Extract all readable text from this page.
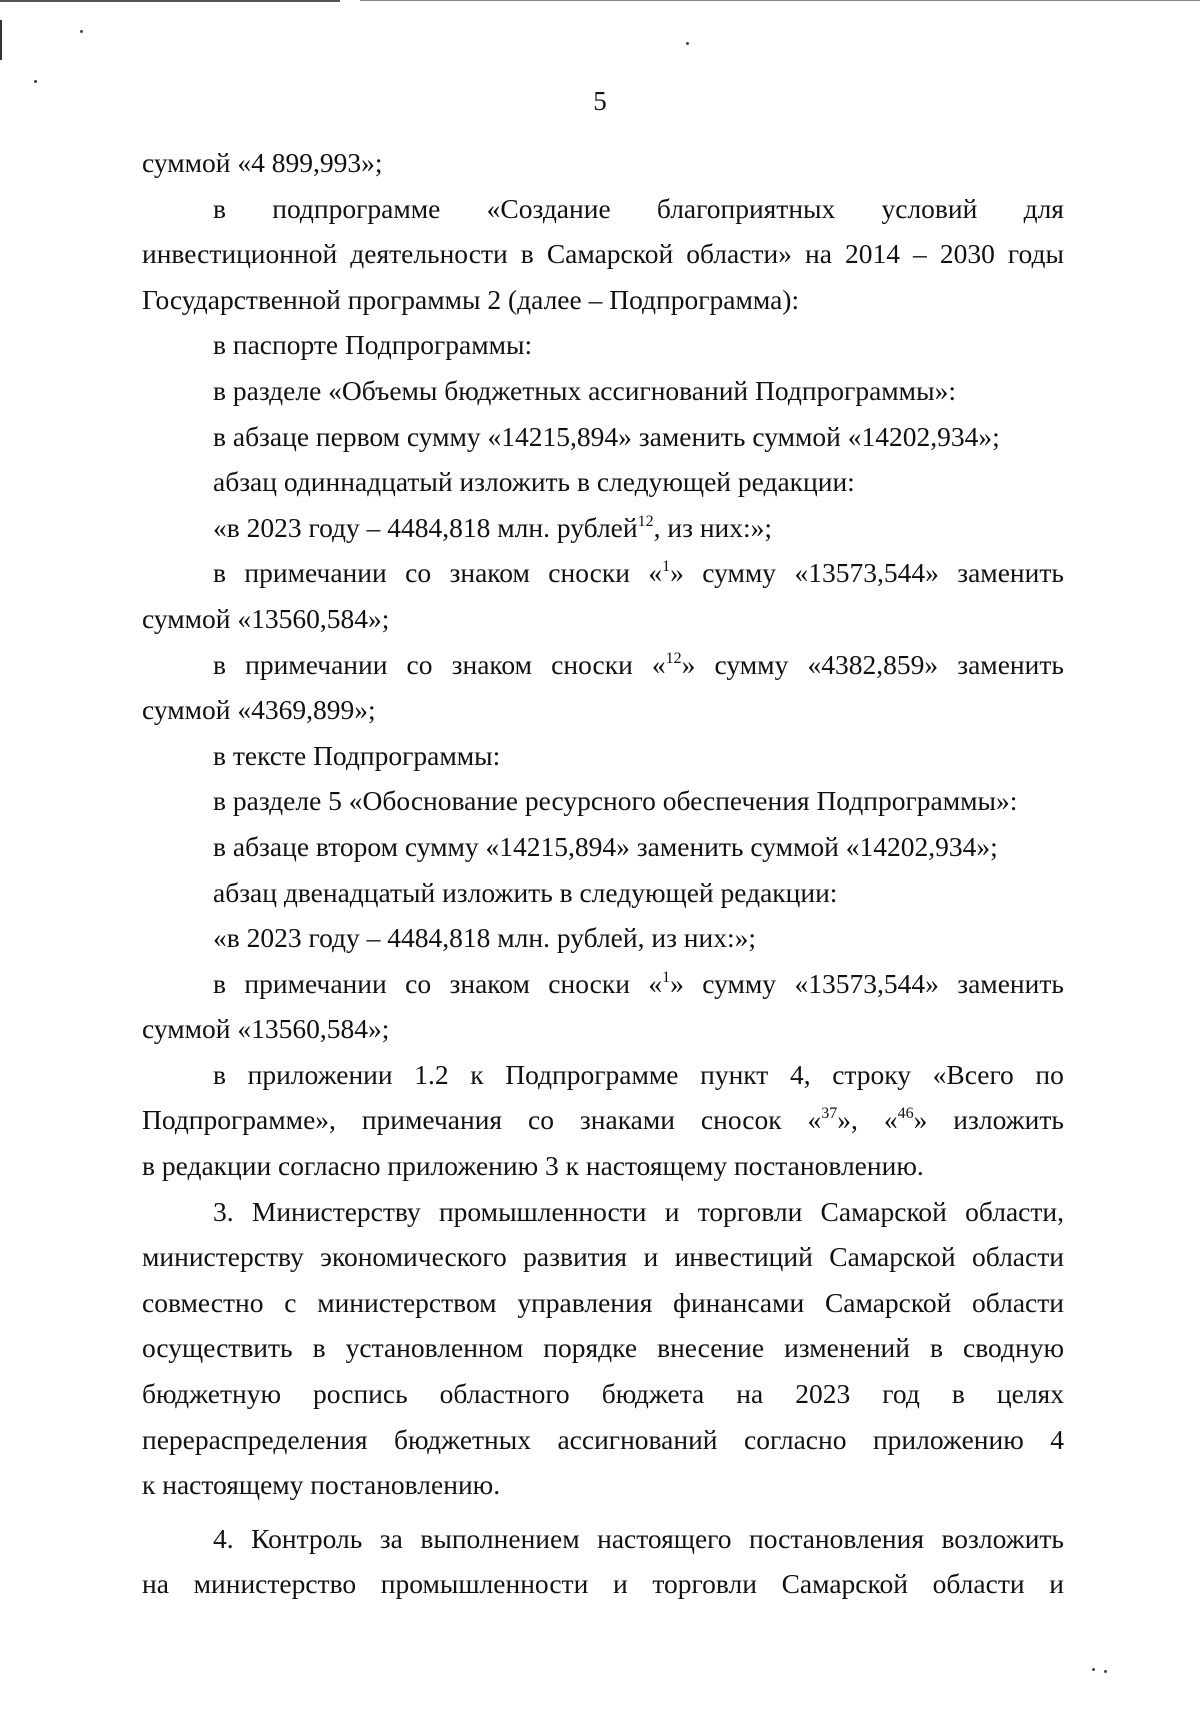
5
суммой «4 899,993»;
в подпрограмме «Создание благоприятных условий для
инвестиционной деятельности в Самарской области» на 2014 – 2030 годы
Государственной программы 2 (далее – Подпрограмма):
в паспорте Подпрограммы:
в разделе «Объемы бюджетных ассигнований Подпрограммы»:
в абзаце первом сумму «14215,894» заменить суммой «14202,934»;
абзац одиннадцатый изложить в следующей редакции:
«в 2023 году – 4484,818 млн. рублей$^{12}$, из них:»;
в примечании со знаком сноски «$^1$» сумму «13573,544» заменить
суммой «13560,584»;
в примечании со знаком сноски «$^{12}$» сумму «4382,859» заменить
суммой «4369,899»;
в тексте Подпрограммы:
в разделе 5 «Обоснование ресурсного обеспечения Подпрограммы»:
в абзаце втором сумму «14215,894» заменить суммой «14202,934»;
абзац двенадцатый изложить в следующей редакции:
«в 2023 году – 4484,818 млн. рублей, из них:»;
в примечании со знаком сноски «$^1$» сумму «13573,544» заменить
суммой «13560,584»;
в приложении 1.2 к Подпрограмме пункт 4, строку «Всего по
Подпрограмме», примечания со знаками сносок «$^{37}$», «$^{46}$» изложить
в редакции согласно приложению 3 к настоящему постановлению.
3. Министерству промышленности и торговли Самарской области,
министерству экономического развития и инвестиций Самарской области
совместно с министерством управления финансами Самарской области
осуществить в установленном порядке внесение изменений в сводную
бюджетную роспись областного бюджета на 2023 год в целях
перераспределения бюджетных ассигнований согласно приложению 4
к настоящему постановлению.
4. Контроль за выполнением настоящего постановления возложить
на министерство промышленности и торговли Самарской области и
